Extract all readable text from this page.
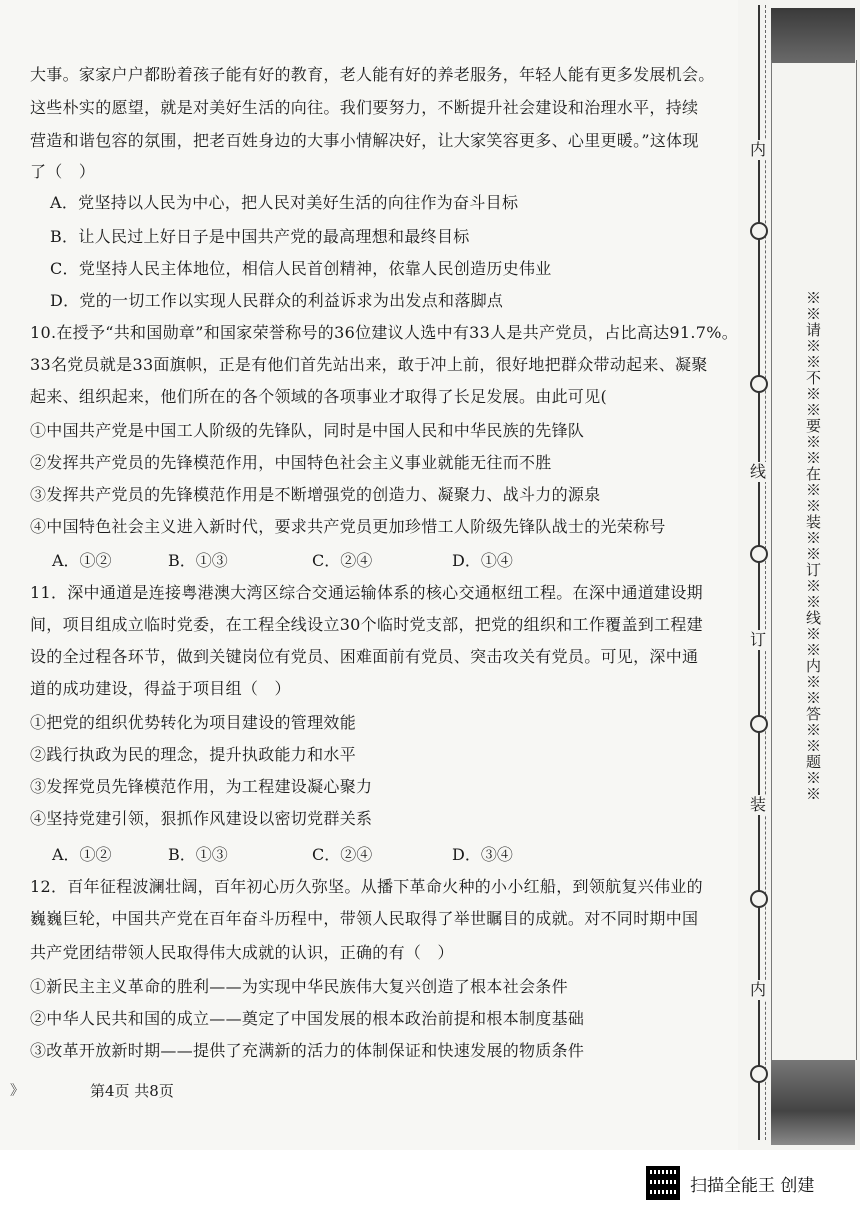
大事。家家户户都盼着孩子能有好的教育，老人能有好的养老服务，年轻人能有更多发展机会。
这些朴实的愿望，就是对美好生活的向往。我们要努力，不断提升社会建设和治理水平，持续
营造和谐包容的氛围，把老百姓身边的大事小情解决好，让大家笑容更多、心里更暖。”这体现
了（　）
A．党坚持以人民为中心，把人民对美好生活的向往作为奋斗目标
B．让人民过上好日子是中国共产党的最高理想和最终目标
C．党坚持人民主体地位，相信人民首创精神，依靠人民创造历史伟业
D．党的一切工作以实现人民群众的利益诉求为出发点和落脚点
10.在授予“共和国勋章”和国家荣誉称号的36位建议人选中有33人是共产党员，占比高达91.7%。
33名党员就是33面旗帜，正是有他们首先站出来，敢于冲上前，很好地把群众带动起来、凝聚
起来、组织起来，他们所在的各个领域的各项事业才取得了长足发展。由此可见(
①中国共产党是中国工人阶级的先锋队，同时是中国人民和中华民族的先锋队
②发挥共产党员的先锋模范作用，中国特色社会主义事业就能无往而不胜
③发挥共产党员的先锋模范作用是不断增强党的创造力、凝聚力、战斗力的源泉
④中国特色社会主义进入新时代，要求共产党员更加珍惜工人阶级先锋队战士的光荣称号
A．①②	B．①③	C．②④	D．①④
11．深中通道是连接粤港澳大湾区综合交通运输体系的核心交通枢纽工程。在深中通道建设期
间，项目组成立临时党委，在工程全线设立30个临时党支部，把党的组织和工作覆盖到工程建
设的全过程各环节，做到关键岗位有党员、困难面前有党员、突击攻关有党员。可见，深中通
道的成功建设，得益于项目组（　）
①把党的组织优势转化为项目建设的管理效能
②践行执政为民的理念，提升执政能力和水平
③发挥党员先锋模范作用，为工程建设凝心聚力
④坚持党建引领，狠抓作风建设以密切党群关系
A．①②	B．①③	C．②④	D．③④
12．百年征程波澜壮阔，百年初心历久弥坚。从播下革命火种的小小红船，到领航复兴伟业的
巍巍巨轮，中国共产党在百年奋斗历程中，带领人民取得了举世瞩目的成就。对不同时期中国
共产党团结带领人民取得伟大成就的认识，正确的有（　）
①新民主主义革命的胜利——为实现中华民族伟大复兴创造了根本社会条件
②中华人民共和国的成立——奠定了中国发展的根本政治前提和根本制度基础
③改革开放新时期——提供了充满新的活力的体制保证和快速发展的物质条件
》	第4页 共8页
内
线
订
装
内
※※请※※不※※要※※在※※装※※订※※线※※内※※答※※题※※
扫描全能王 创建
